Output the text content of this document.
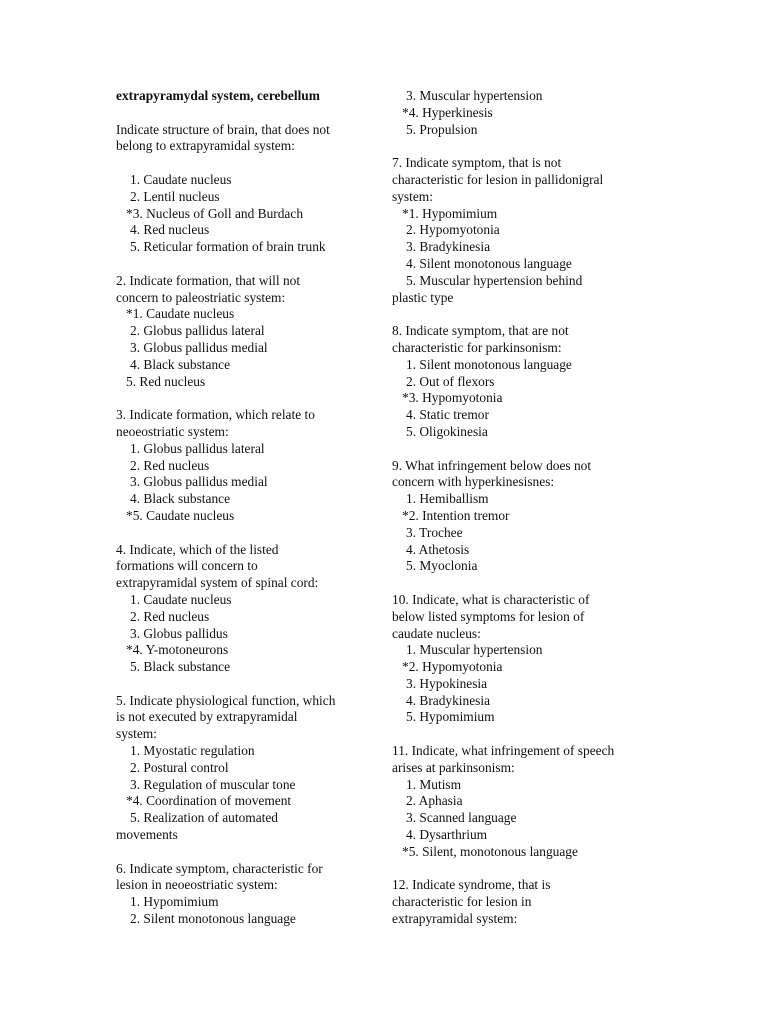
extrapyramydal system, cerebellum

Indicate structure of brain, that does not

belong to extrapyramidal system:

1. Caudate nucleus

2. Lentil nucleus

*3. Nucleus of Goll and Burdach

4. Red nucleus

5. Reticular formation of brain trunk

2. Indicate formation, that will not

concern to paleostriatic system:

*1. Caudate nucleus

2. Globus pallidus lateral

3. Globus pallidus medial

4. Black substance

5. Red nucleus

3. Indicate formation, which relate to

neoeostriatic system:

1. Globus pallidus lateral

2. Red nucleus

3. Globus pallidus medial

4. Black substance

*5. Caudate nucleus

4. Indicate, which of the listed

formations will concern to

extrapyramidal system of spinal cord:

1. Caudate nucleus

2. Red nucleus

3. Globus pallidus

*4. Y-motoneurons

5. Black substance

5. Indicate physiological function, which

is not executed by extrapyramidal

system:

1. Myostatic regulation

2. Postural control

3. Regulation of muscular tone

*4. Coordination of movement

5. Realization of automated

movements

6. Indicate symptom, characteristic for

lesion in neoeostriatic system:

1. Hypomimium

2. Silent monotonous language

3. Muscular hypertension

*4. Hyperkinesis

5. Propulsion

7. Indicate symptom, that is not

characteristic for lesion in pallidonigral

system:

*1. Hypomimium

2. Hypomyotonia

3. Bradykinesia

4. Silent monotonous language

5. Muscular hypertension behind

plastic type

8. Indicate symptom, that are not

characteristic for parkinsonism:

1. Silent monotonous language

2. Out of flexors

*3. Hypomyotonia

4. Static tremor

5. Oligokinesia

9. What infringement below does not

concern with hyperkinesisnes:

1. Hemiballism

*2. Intention tremor

3. Trochee

4. Athetosis

5. Myoclonia

10. Indicate, what is characteristic of

below listed symptoms for lesion of

caudate nucleus:

1. Muscular hypertension

*2. Hypomyotonia

3. Hypokinesia

4. Bradykinesia

5. Hypomimium

11. Indicate, what infringement of speech

arises at parkinsonism:

1. Mutism

2. Aphasia

3. Scanned language

4. Dysarthrium

*5. Silent, monotonous language

12. Indicate syndrome, that is

characteristic for lesion in

extrapyramidal system:
